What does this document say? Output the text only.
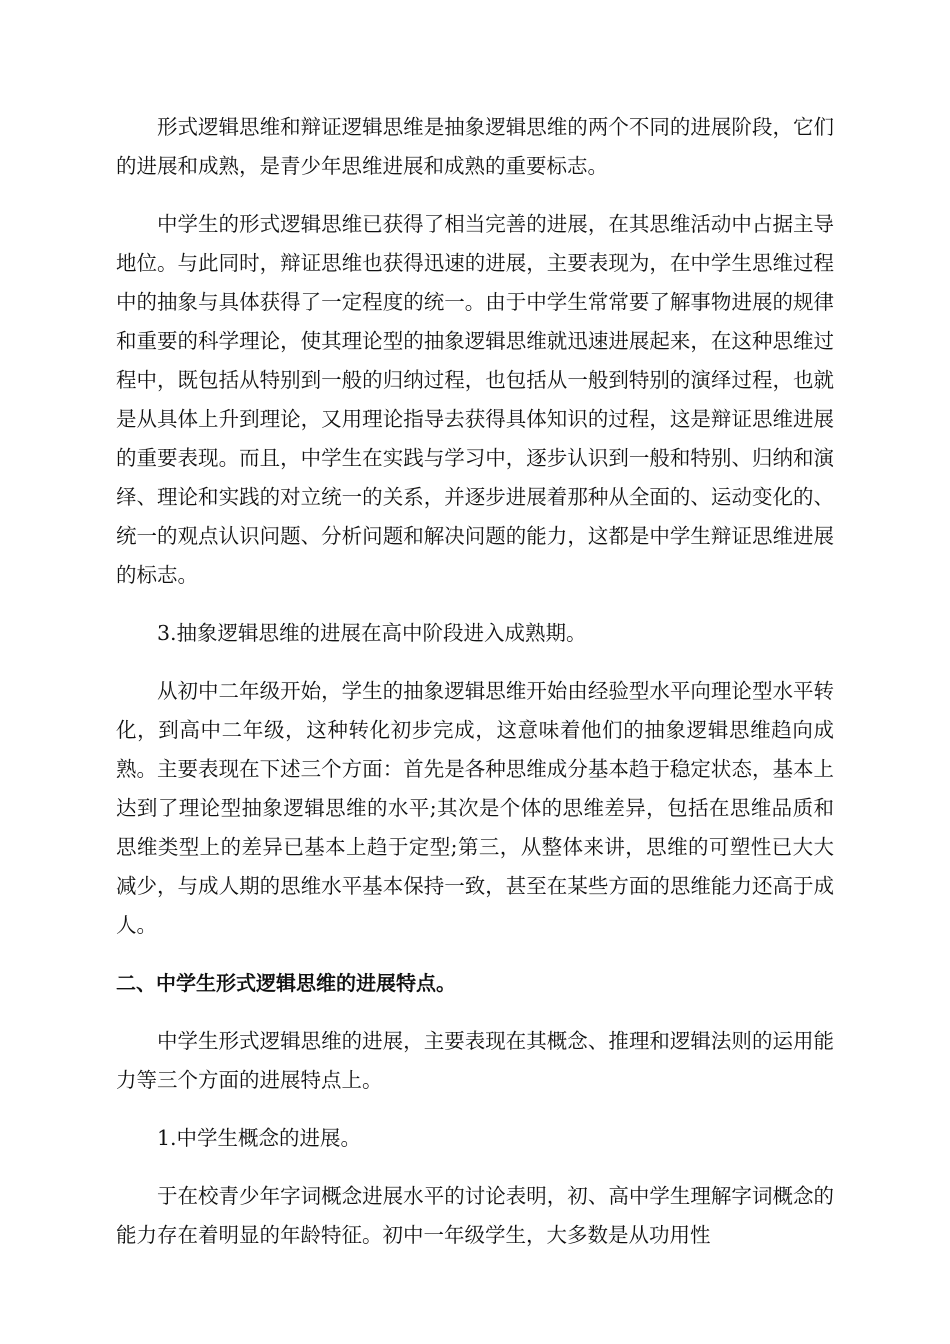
形式逻辑思维和辩证逻辑思维是抽象逻辑思维的两个不同的进展阶段，它们的进展和成熟，是青少年思维进展和成熟的重要标志。

中学生的形式逻辑思维已获得了相当完善的进展，在其思维活动中占据主导地位。与此同时，辩证思维也获得迅速的进展，主要表现为，在中学生思维过程中的抽象与具体获得了一定程度的统一。由于中学生常常要了解事物进展的规律和重要的科学理论，使其理论型的抽象逻辑思维就迅速进展起来，在这种思维过程中，既包括从特别到一般的归纳过程，也包括从一般到特别的演绎过程，也就是从具体上升到理论，又用理论指导去获得具体知识的过程，这是辩证思维进展的重要表现。而且，中学生在实践与学习中，逐步认识到一般和特别、归纳和演绎、理论和实践的对立统一的关系，并逐步进展着那种从全面的、运动变化的、统一的观点认识问题、分析问题和解决问题的能力，这都是中学生辩证思维进展的标志。

3.抽象逻辑思维的进展在高中阶段进入成熟期。

从初中二年级开始，学生的抽象逻辑思维开始由经验型水平向理论型水平转化，到高中二年级，这种转化初步完成，这意味着他们的抽象逻辑思维趋向成熟。主要表现在下述三个方面：首先是各种思维成分基本趋于稳定状态，基本上达到了理论型抽象逻辑思维的水平;其次是个体的思维差异，包括在思维品质和思维类型上的差异已基本上趋于定型;第三，从整体来讲，思维的可塑性已大大减少，与成人期的思维水平基本保持一致，甚至在某些方面的思维能力还高于成人。

二、中学生形式逻辑思维的进展特点。

中学生形式逻辑思维的进展，主要表现在其概念、推理和逻辑法则的运用能力等三个方面的进展特点上。

1.中学生概念的进展。

于在校青少年字词概念进展水平的讨论表明，初、高中学生理解字词概念的能力存在着明显的年龄特征。初中一年级学生，大多数是从功用性
